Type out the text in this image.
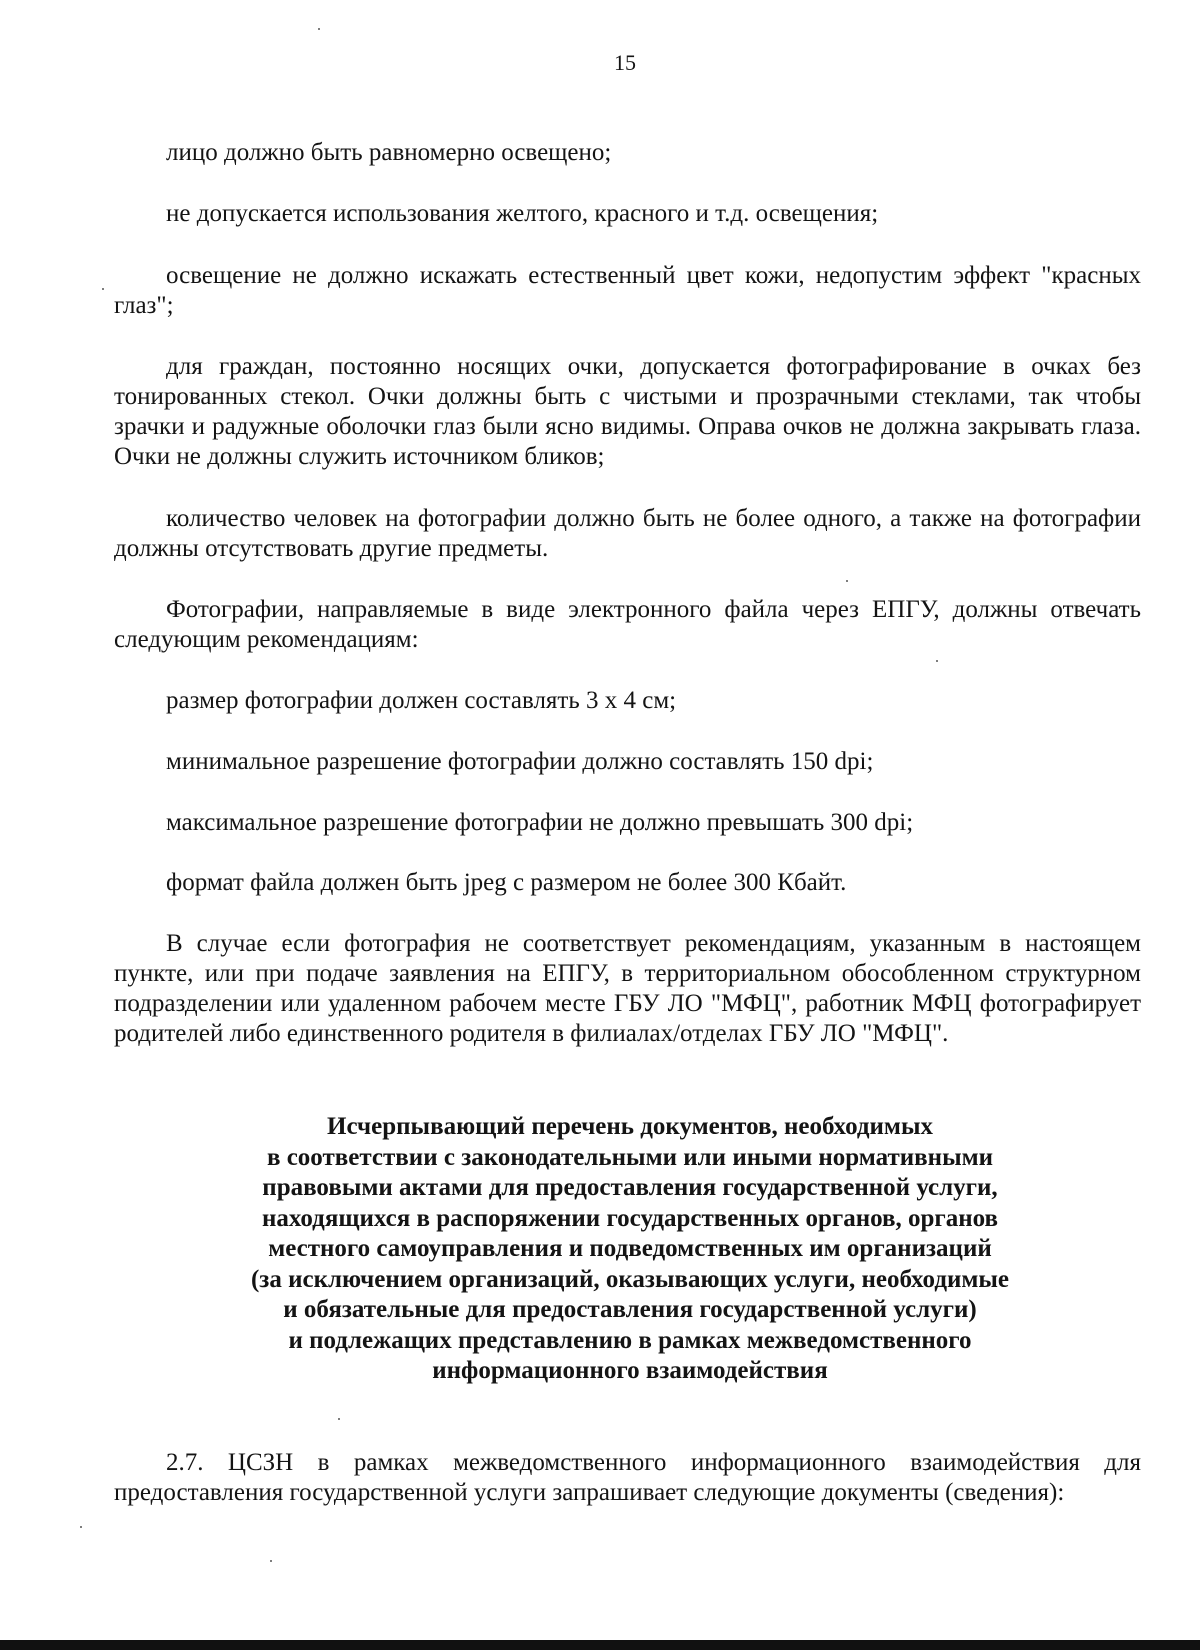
15
лицо должно быть равномерно освещено;
не допускается использования желтого, красного и т.д. освещения;
освещение не должно искажать естественный цвет кожи, недопустим эффект "красных глаз";
для граждан, постоянно носящих очки, допускается фотографирование в очках без тонированных стекол. Очки должны быть с чистыми и прозрачными стеклами, так чтобы зрачки и радужные оболочки глаз были ясно видимы. Оправа очков не должна закрывать глаза. Очки не должны служить источником бликов;
количество человек на фотографии должно быть не более одного, а также на фотографии должны отсутствовать другие предметы.
Фотографии, направляемые в виде электронного файла через ЕПГУ, должны отвечать следующим рекомендациям:
размер фотографии должен составлять 3 х 4 см;
минимальное разрешение фотографии должно составлять 150 dpi;
максимальное разрешение фотографии не должно превышать 300 dpi;
формат файла должен быть jpeg с размером не более 300 Кбайт.
В случае если фотография не соответствует рекомендациям, указанным в настоящем пункте, или при подаче заявления на ЕПГУ, в территориальном обособленном структурном подразделении или удаленном рабочем месте ГБУ ЛО "МФЦ", работник МФЦ фотографирует родителей либо единственного родителя в филиалах/отделах ГБУ ЛО "МФЦ".
Исчерпывающий перечень документов, необходимых
в соответствии с законодательными или иными нормативными
правовыми актами для предоставления государственной услуги,
находящихся в распоряжении государственных органов, органов
местного самоуправления и подведомственных им организаций
(за исключением организаций, оказывающих услуги, необходимые
и обязательные для предоставления государственной услуги)
и подлежащих представлению в рамках межведомственного
информационного взаимодействия
2.7. ЦСЗН в рамках межведомственного информационного взаимодействия для предоставления государственной услуги запрашивает следующие документы (сведения):
